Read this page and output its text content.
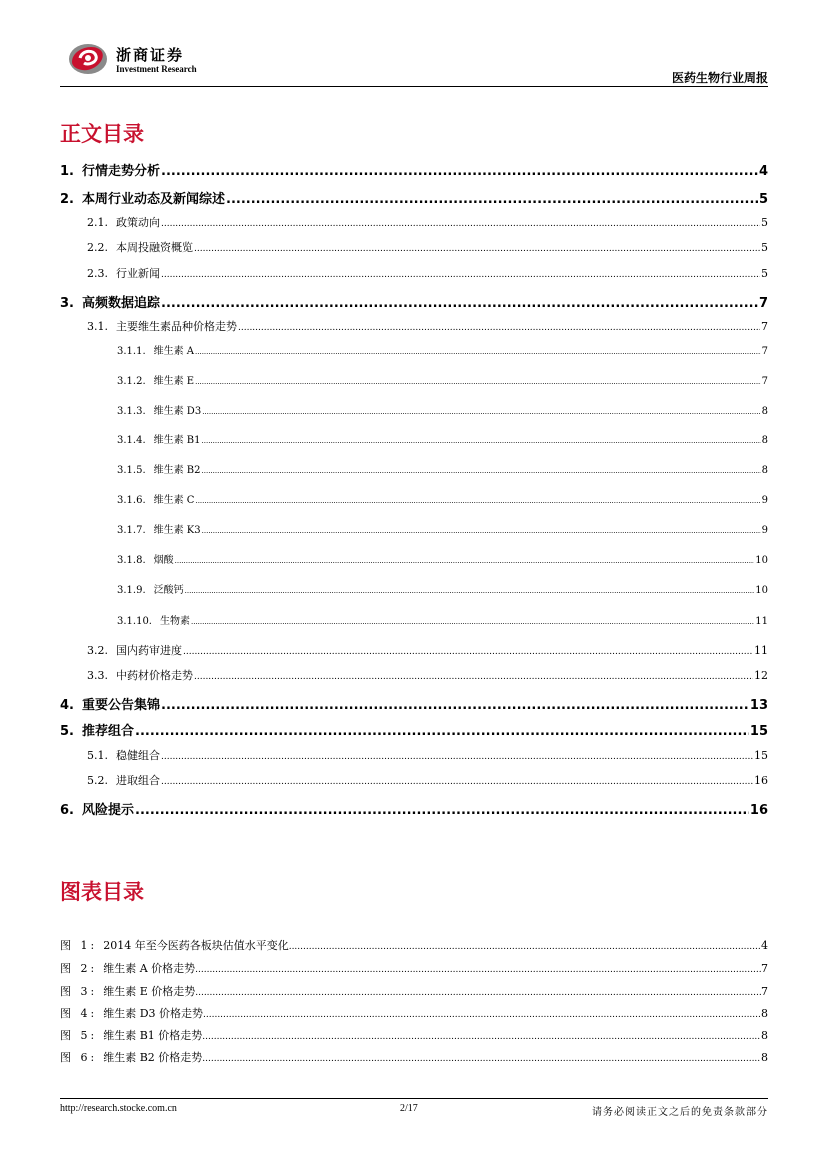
浙商证券
Investment Research
医药生物行业周报
正文目录
1. 行情走势分析 .....	4
2. 本周行业动态及新闻综述 .....	5
2.1. 政策动向 .....	5
2.2. 本周投融资概览 .....	5
2.3. 行业新闻 .....	5
3. 高频数据追踪 .....	7
3.1. 主要维生素品种价格走势 .....	7
3.1.1. 维生素 A .....	7
3.1.2. 维生素 E .....	7
3.1.3. 维生素 D3 .....	8
3.1.4. 维生素 B1 .....	8
3.1.5. 维生素 B2 .....	8
3.1.6. 维生素 C .....	9
3.1.7. 维生素 K3 .....	9
3.1.8. 烟酸 .....	10
3.1.9. 泛酸钙 .....	10
3.1.10. 生物素 .....	11
3.2. 国内药审进度 .....	11
3.3. 中药材价格走势 .....	12
4. 重要公告集锦 .....	13
5. 推荐组合 .....	15
5.1. 稳健组合 .....	15
5.2. 进取组合 .....	16
6. 风险提示 .....	16
图表目录
图 1: 2014 年至今医药各板块估值水平变化 .....	4
图 2: 维生素 A 价格走势 .....	7
图 3: 维生素 E 价格走势 .....	7
图 4: 维生素 D3 价格走势 .....	8
图 5: 维生素 B1 价格走势 .....	8
图 6: 维生素 B2 价格走势 .....	8
http://research.stocke.com.cn	2/17	请务必阅读正文之后的免责条款部分
